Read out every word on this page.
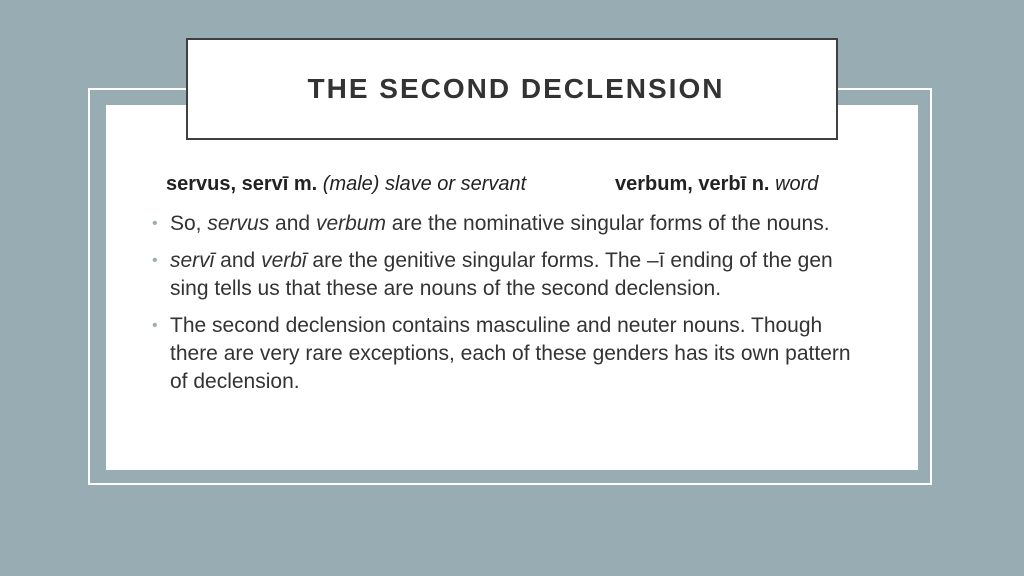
THE SECOND DECLENSION
servus, servī m. (male) slave or servant	verbum, verbī n. word
• So, servus and verbum are the nominative singular forms of the nouns.
• servī and verbī are the genitive singular forms. The –ī ending of the gen sing tells us that these are nouns of the second declension.
• The second declension contains masculine and neuter nouns. Though there are very rare exceptions, each of these genders has its own pattern of declension.
